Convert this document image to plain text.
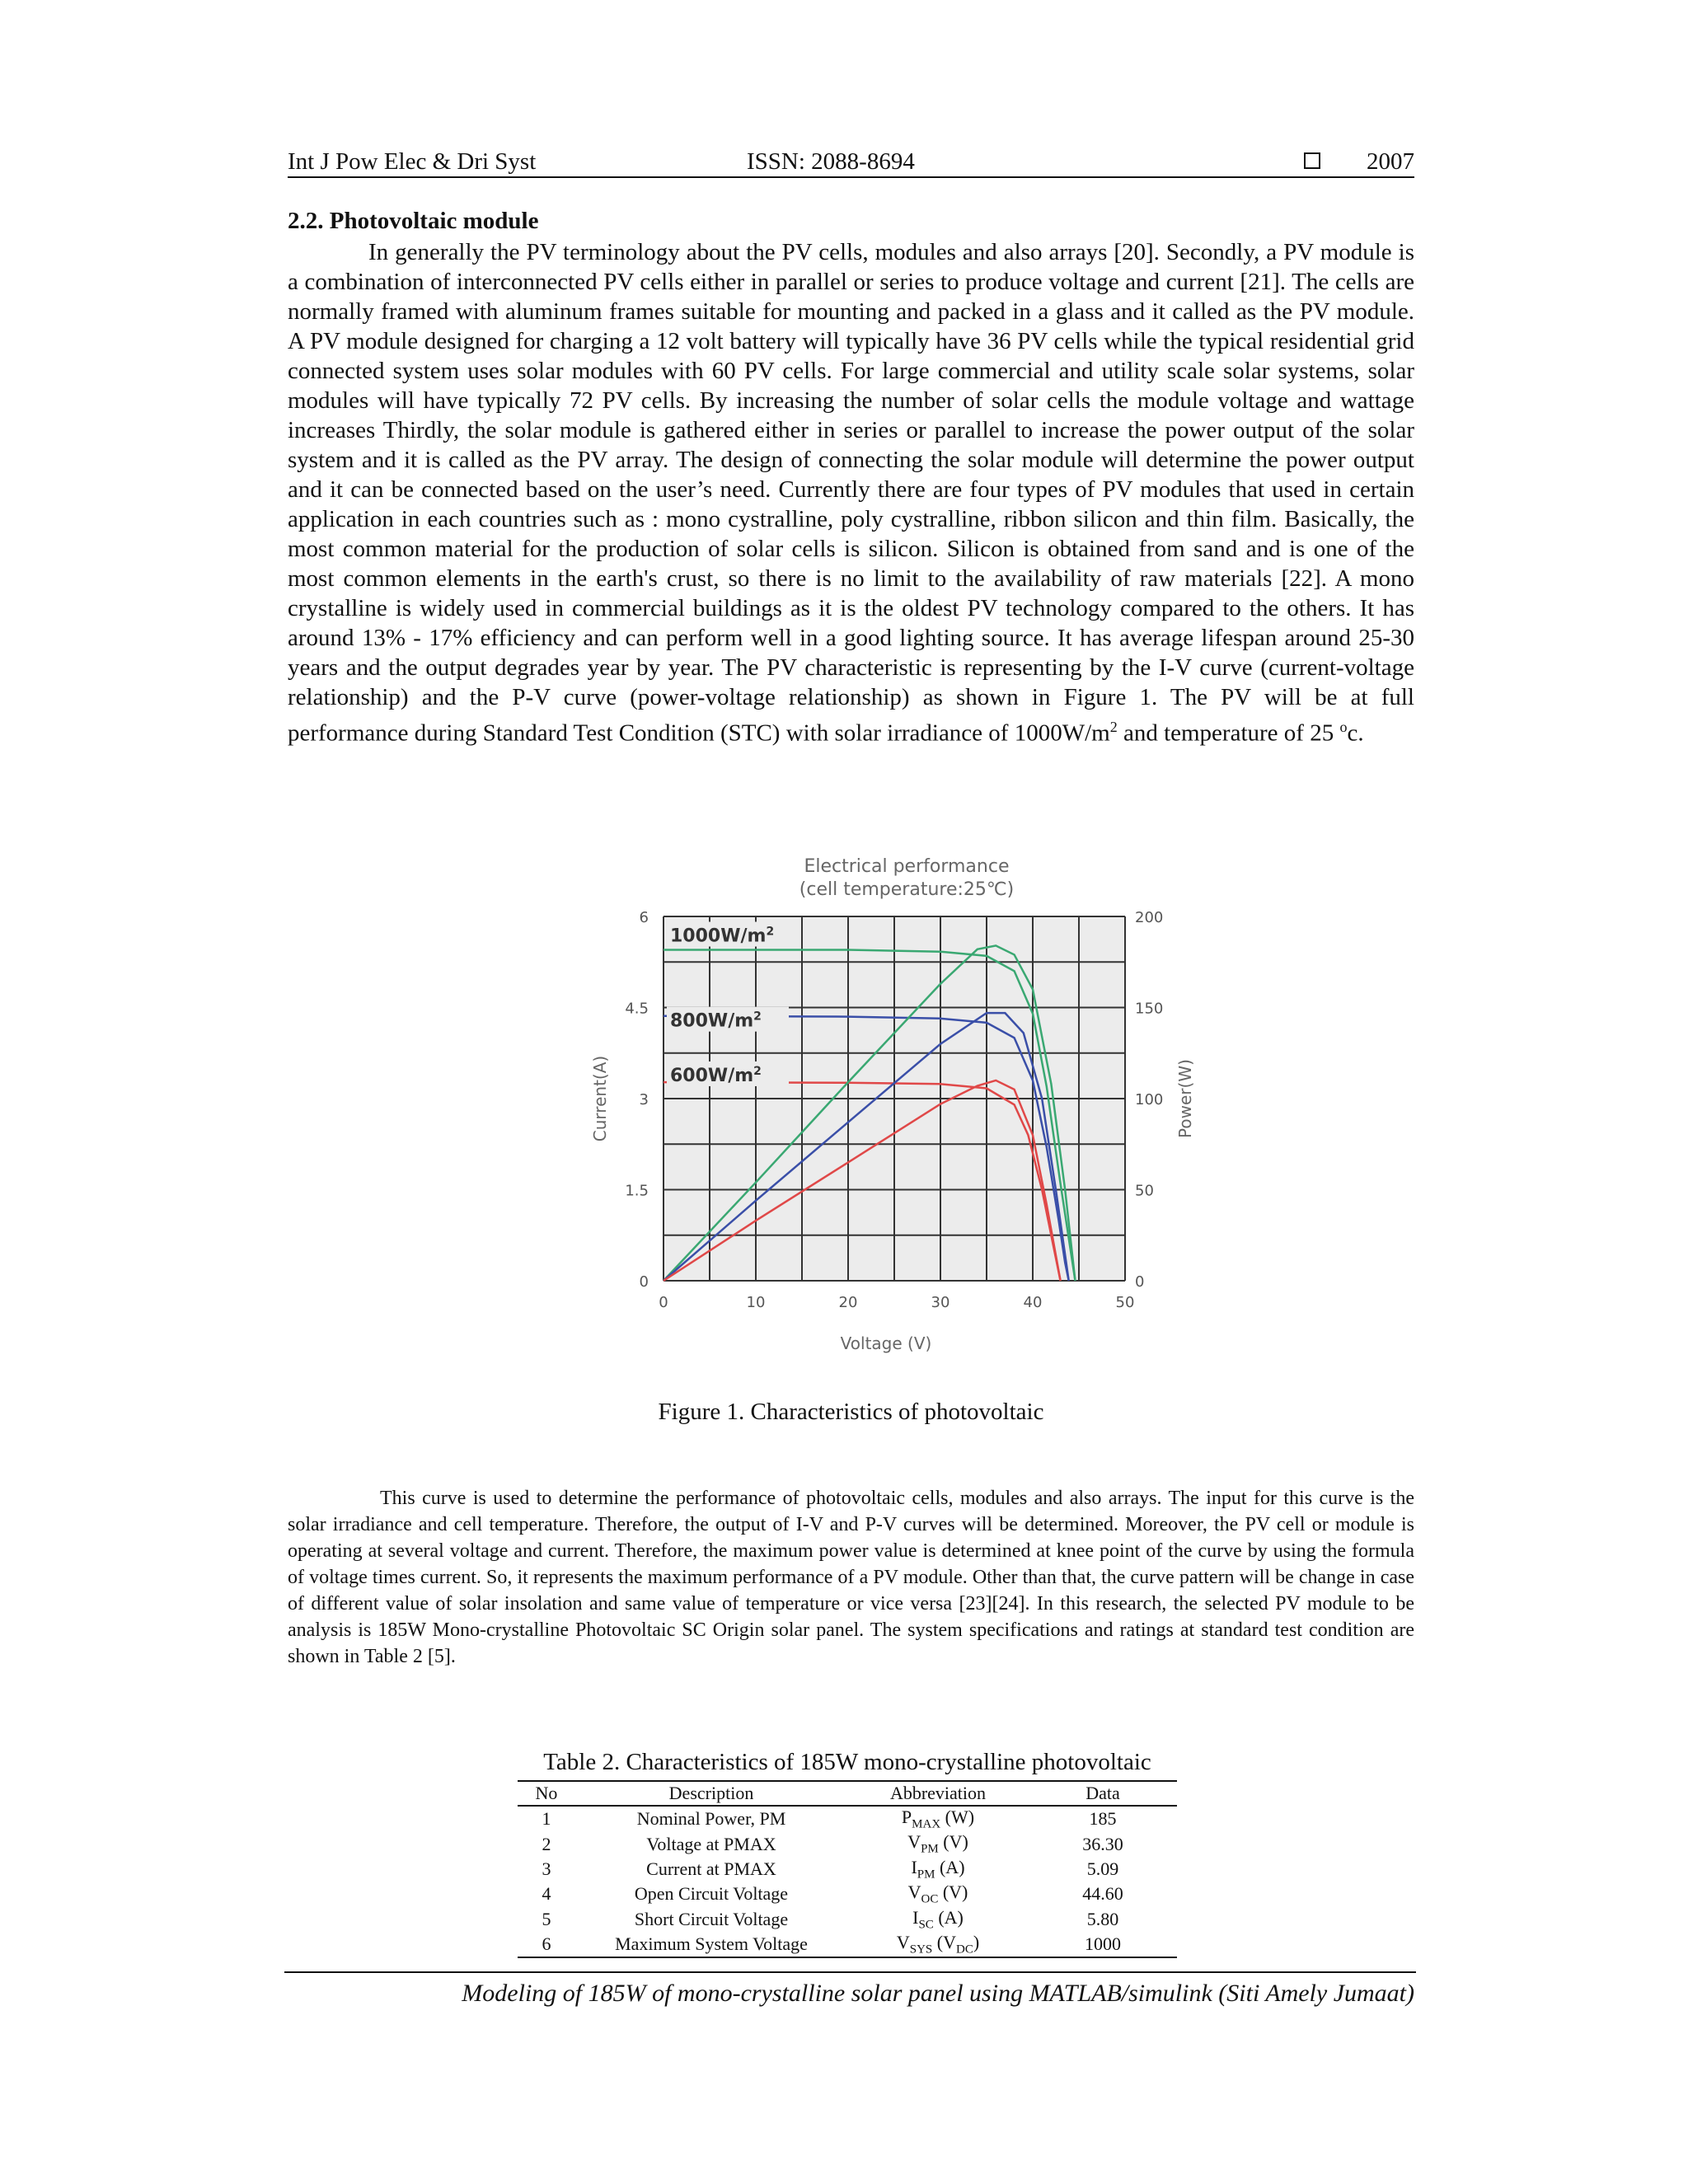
Int J Pow Elec & Dri Syst	ISSN: 2088-8694	2007
2.2. Photovoltaic module

In generally the PV terminology about the PV cells, modules and also arrays [20]. Secondly, a PV module is a combination of interconnected PV cells either in parallel or series to produce voltage and current [21]. The cells are normally framed with aluminum frames suitable for mounting and packed in a glass and it called as the PV module. A PV module designed for charging a 12 volt battery will typically have 36 PV cells while the typical residential grid connected system uses solar modules with 60 PV cells. For large commercial and utility scale solar systems, solar modules will have typically 72 PV cells. By increasing the number of solar cells the module voltage and wattage increases Thirdly, the solar module is gathered either in series or parallel to increase the power output of the solar system and it is called as the PV array. The design of connecting the solar module will determine the power output and it can be connected based on the user’s need. Currently there are four types of PV modules that used in certain application in each countries such as : mono cystralline, poly cystralline, ribbon silicon and thin film. Basically, the most common material for the production of solar cells is silicon. Silicon is obtained from sand and is one of the most common elements in the earth's crust, so there is no limit to the availability of raw materials [22]. A mono crystalline is widely used in commercial buildings as it is the oldest PV technology compared to the others. It has around 13% - 17% efficiency and can perform well in a good lighting source. It has average lifespan around 25-30 years and the output degrades year by year. The PV characteristic is representing by the I-V curve (current-voltage relationship) and the P-V curve (power-voltage relationship) as shown in Figure 1. The PV will be at full performance during Standard Test Condition (STC) with solar irradiance of $1000W/m^2$ and temperature of 25 $^o$c.

Electrical performance
(cell temperature:25℃)
0
1.5
3
4.5
6
0
50
100
150
200
0	10	20	30	40	50
$1000W/m^2$
$800W/m^2$
$600W/m^2$
Current(A)	Power(W)
Voltage (V)
Figure 1. Characteristics of photovoltaic

This curve is used to determine the performance of photovoltaic cells, modules and also arrays. The input for this curve is the solar irradiance and cell temperature. Therefore, the output of I-V and P-V curves will be determined. Moreover, the PV cell or module is operating at several voltage and current. Therefore, the maximum power value is determined at knee point of the curve by using the formula of voltage times current. So, it represents the maximum performance of a PV module. Other than that, the curve pattern will be change in case of different value of solar insolation and same value of temperature or vice versa [23][24]. In this research, the selected PV module to be analysis is 185W Mono-crystalline Photovoltaic SC Origin solar panel. The system specifications and ratings at standard test condition are shown in Table 2 [5].

Table 2. Characteristics of 185W mono-crystalline photovoltaic
No	Description	Abbreviation	Data
1	Nominal Power, PM	$P_{MAX}$ (W)	185
2	Voltage at PMAX	$V_{PM}$ (V)	36.30
3	Current at PMAX	$I_{PM}$ (A)	5.09
4	Open Circuit Voltage	$V_{OC}$ (V)	44.60
5	Short Circuit Voltage	$I_{SC}$ (A)	5.80
6	Maximum System Voltage	$V_{SYS}$ $(V_{DC})$	1000
Modeling of 185W of mono-crystalline solar panel using MATLAB/simulink (Siti Amely Jumaat)
